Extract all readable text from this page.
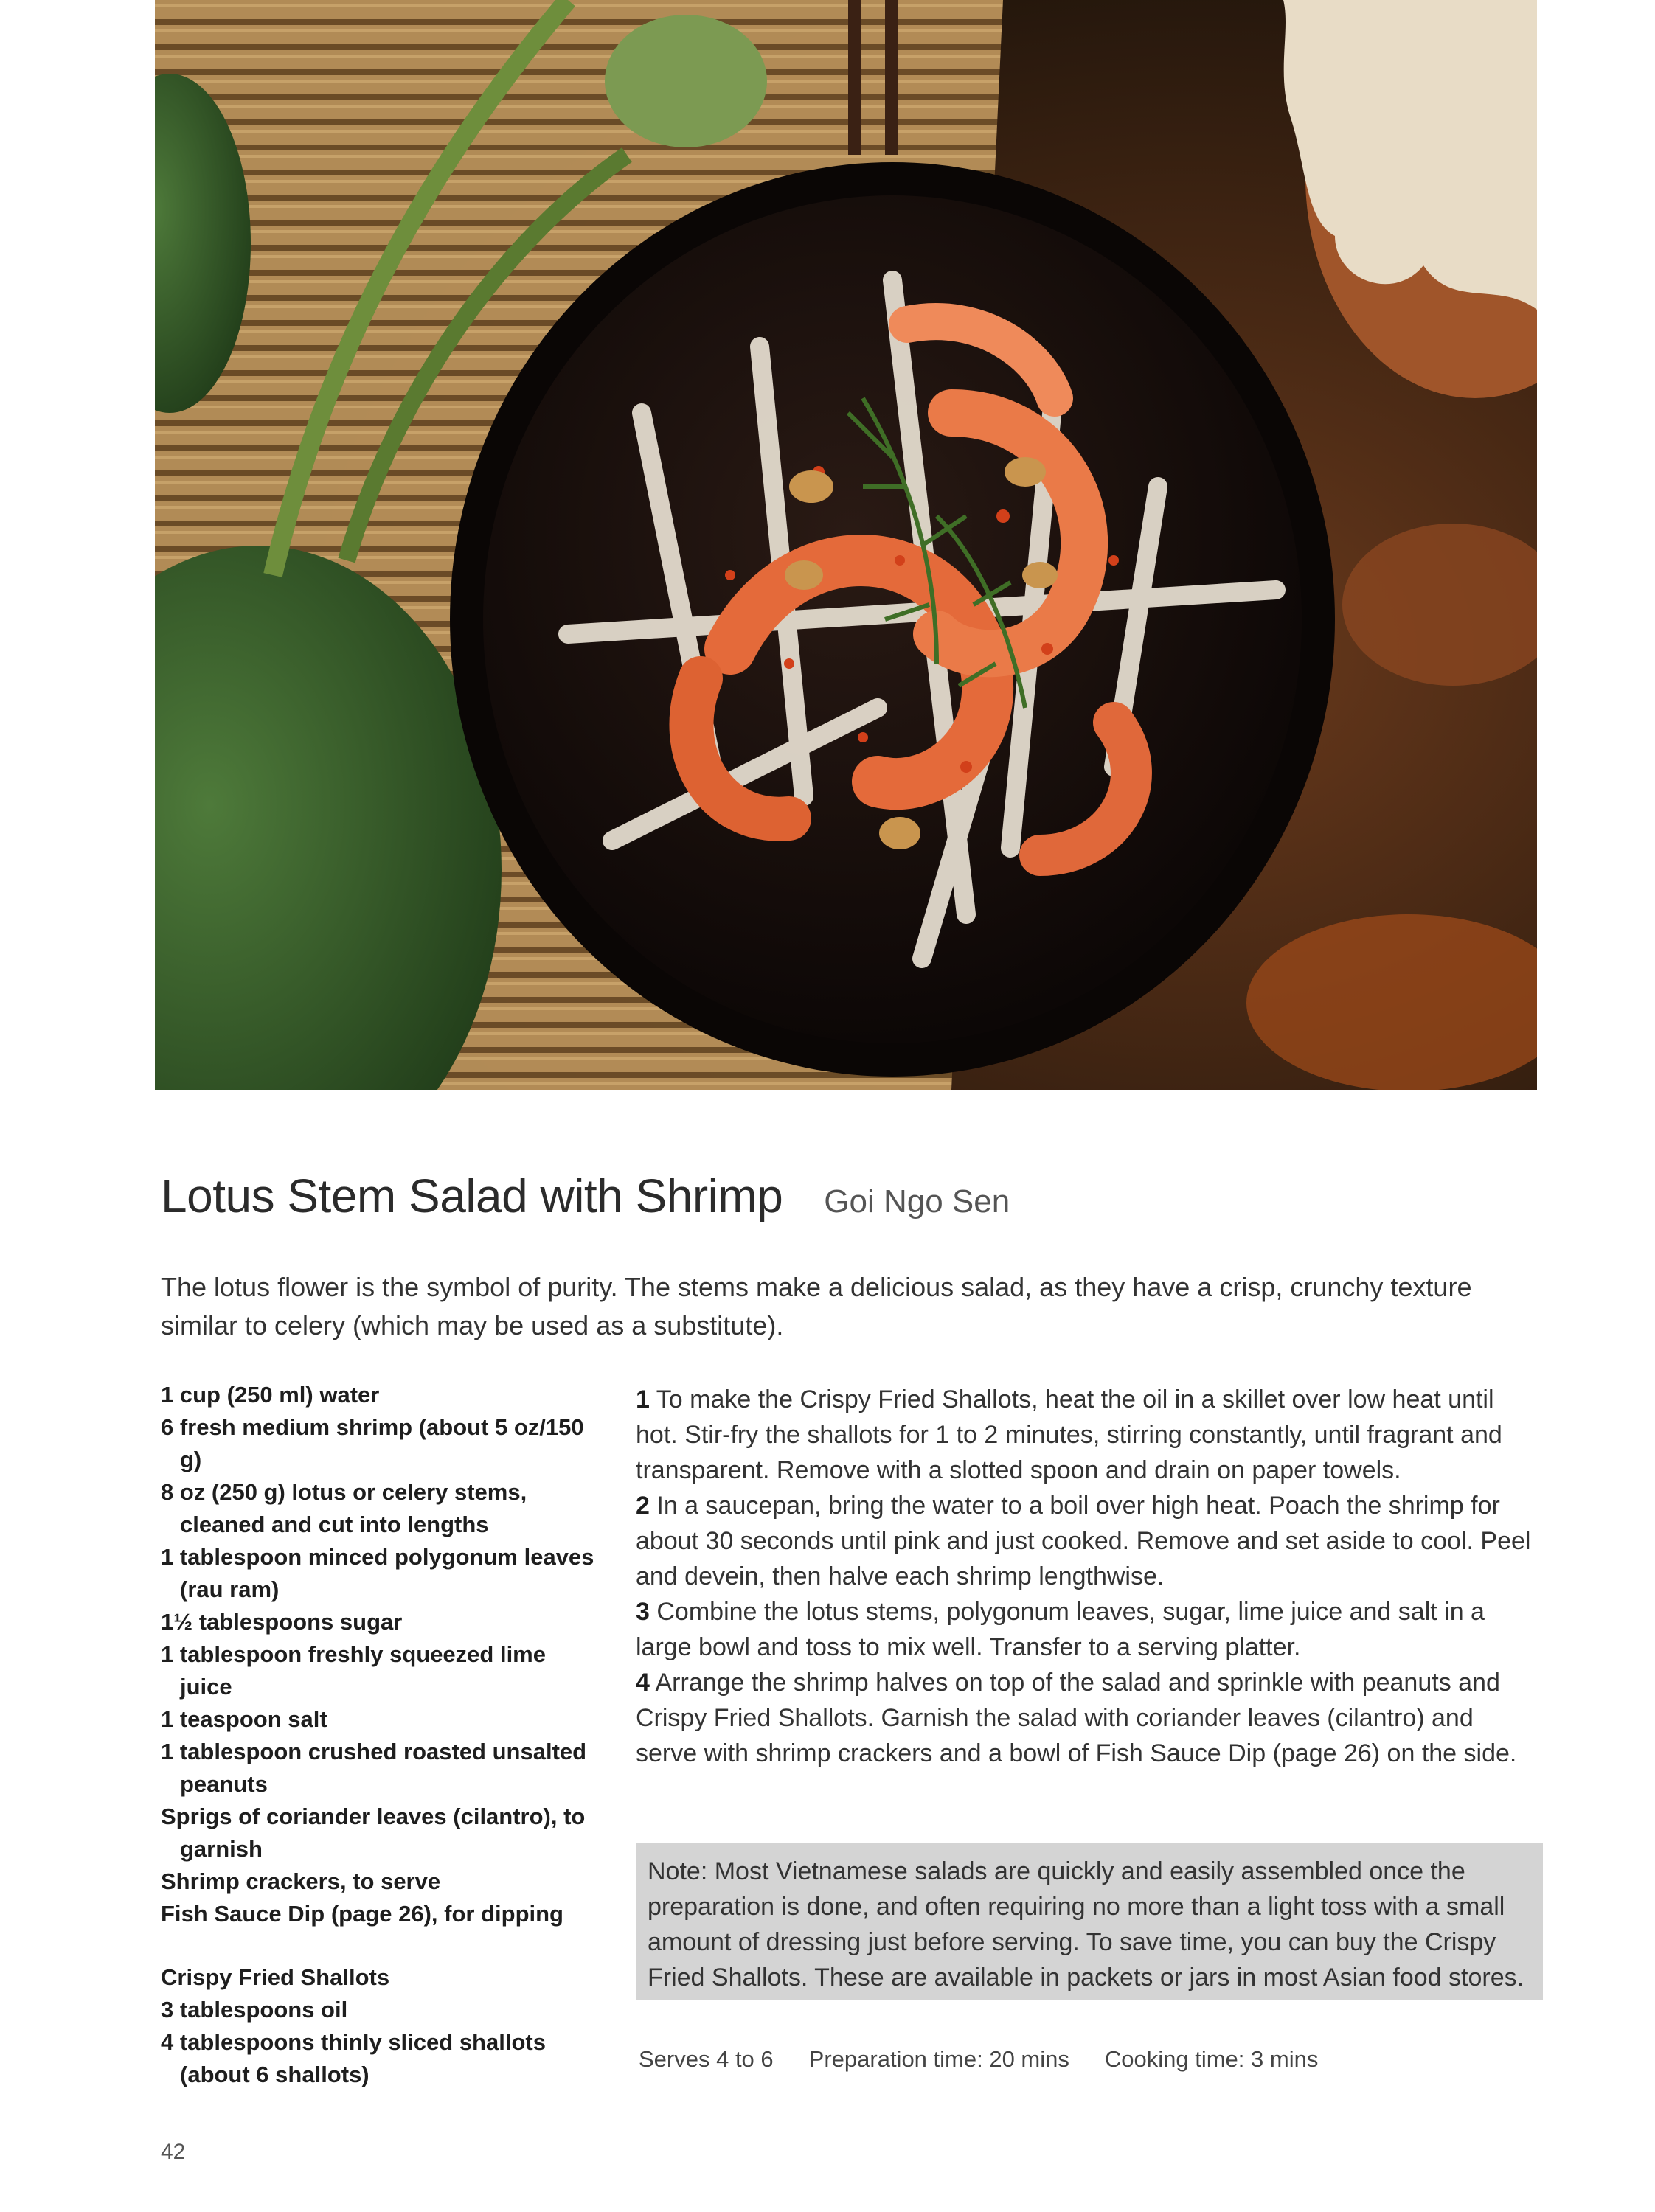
Lotus Stem Salad with Shrimp Goi Ngo Sen
The lotus flower is the symbol of purity. The stems make a delicious salad, as they have a crisp, crunchy texture similar to celery (which may be used as a substitute).
1 cup (250 ml) water
6 fresh medium shrimp (about 5 oz/150 g)
8 oz (250 g) lotus or celery stems, cleaned and cut into lengths
1 tablespoon minced polygonum leaves (rau ram)
1½ tablespoons sugar
1 tablespoon freshly squeezed lime juice
1 teaspoon salt
1 tablespoon crushed roasted unsalted peanuts
Sprigs of coriander leaves (cilantro), to garnish
Shrimp crackers, to serve
Fish Sauce Dip (page 26), for dipping
Crispy Fried Shallots
3 tablespoons oil
4 tablespoons thinly sliced shallots (about 6 shallots)
1 To make the Crispy Fried Shallots, heat the oil in a skillet over low heat until hot. Stir-fry the shallots for 1 to 2 minutes, stirring constantly, until fragrant and transparent. Remove with a slotted spoon and drain on paper towels.
2 In a saucepan, bring the water to a boil over high heat. Poach the shrimp for about 30 seconds until pink and just cooked. Remove and set aside to cool. Peel and devein, then halve each shrimp lengthwise.
3 Combine the lotus stems, polygonum leaves, sugar, lime juice and salt in a large bowl and toss to mix well. Transfer to a serving platter.
4 Arrange the shrimp halves on top of the salad and sprinkle with peanuts and Crispy Fried Shallots. Garnish the salad with coriander leaves (cilantro) and serve with shrimp crackers and a bowl of Fish Sauce Dip (page 26) on the side.
Note: Most Vietnamese salads are quickly and easily assembled once the preparation is done, and often requiring no more than a light toss with a small amount of dressing just before serving. To save time, you can buy the Crispy Fried Shallots. These are available in packets or jars in most Asian food stores.
Serves 4 to 6 Preparation time: 20 mins Cooking time: 3 mins
42
